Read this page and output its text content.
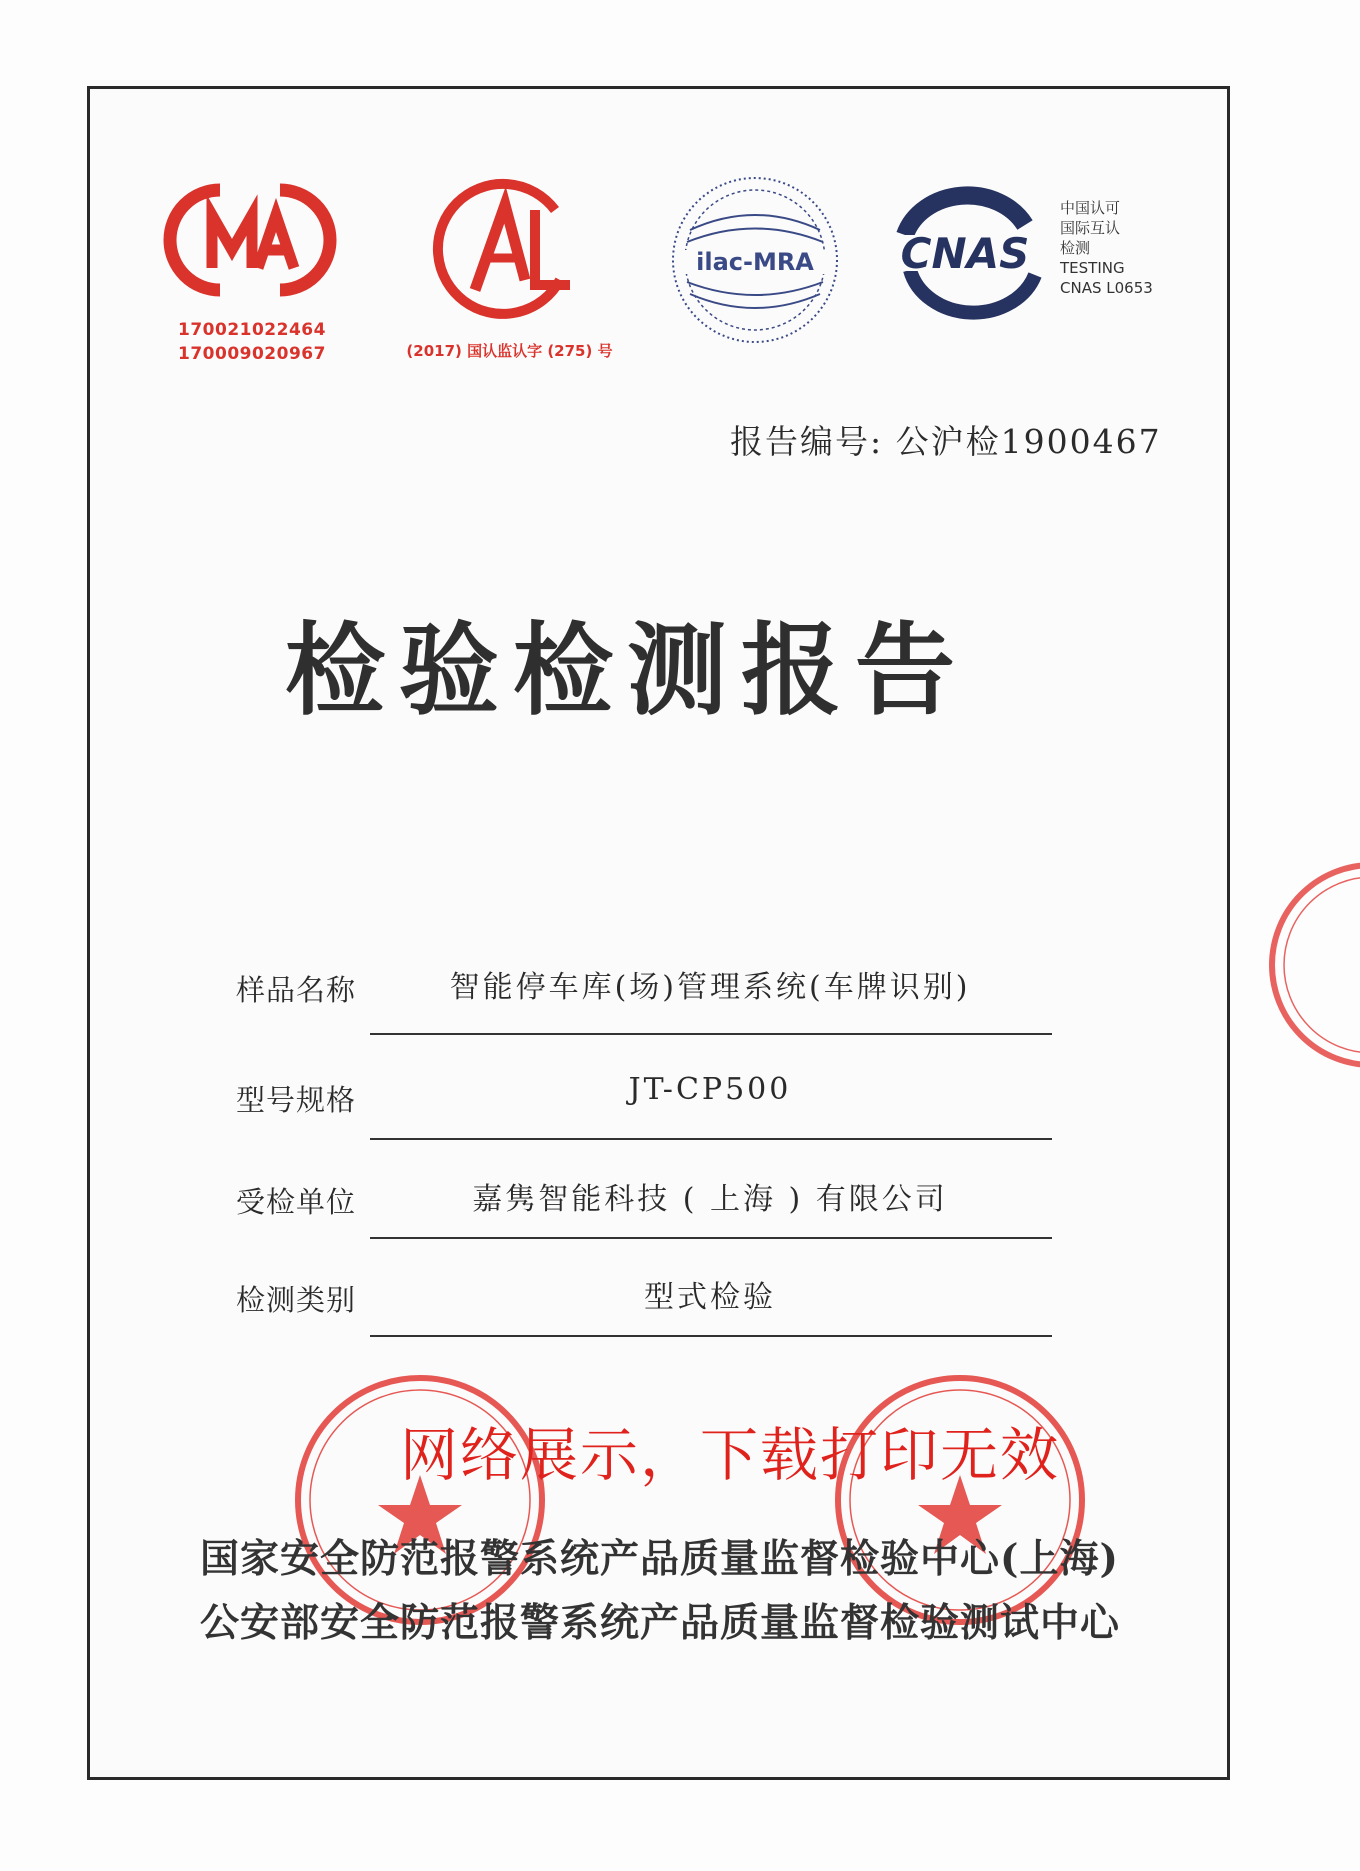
170021022464
170009020967	(2017) 国认监认字 (275) 号
ilac-MRA CNAS
中国认可
国际互认
检测
TESTING
CNAS L0653
报告编号: 公沪检1900467
检验检测报告
样品名称	智能停车库(场)管理系统(车牌识别)
型号规格	JT-CP500
受检单位	嘉隽智能科技 ( 上海 ) 有限公司
检测类别	型式检验
网络展示，下载打印无效
国家安全防范报警系统产品质量监督检验中心(上海)
公安部安全防范报警系统产品质量监督检验测试中心
